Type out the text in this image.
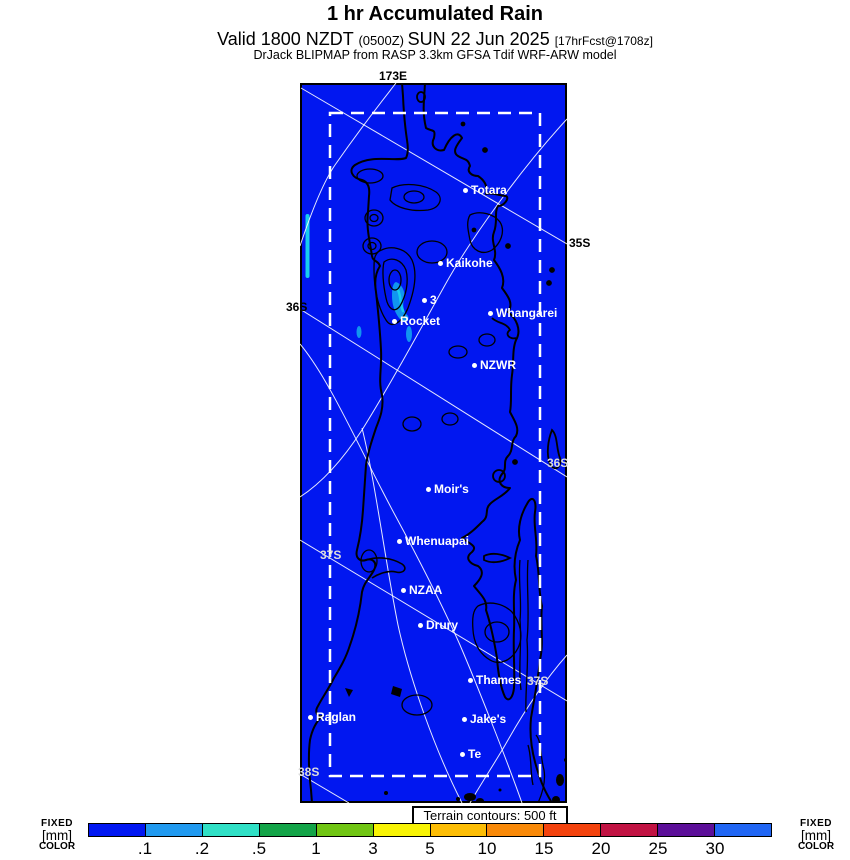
1 hr Accumulated Rain
Valid 1800 NZDT (0500Z) SUN 22 Jun 2025 [17hrFcst@1708z]
DrJack BLIPMAP from RASP 3.3km GFSA Tdif WRF-ARW model
Totara
Kaikohe
3
Rocket
Whangarei
NZWR
Moir's
Whenuapai
NZAA
Drury
Thames
Raglan	Jake's
Te
173E
35S
36S
36S
37S
37S
38S
Terrain contours: 500 ft
.1	.2	.5	1	3	5	10 15 20 25 30
FIXED
[mm]
COLOR
FIXED
[mm]
COLOR
